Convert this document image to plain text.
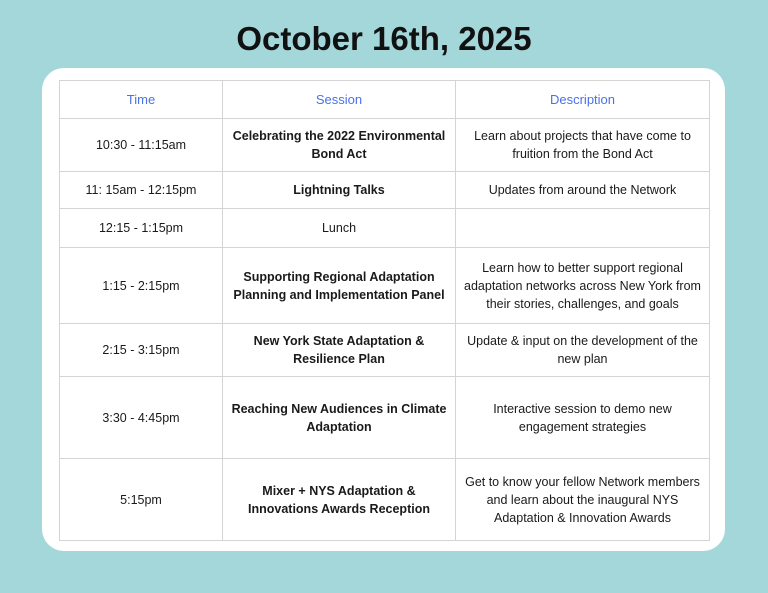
October 16th, 2025
Time	Session	Description
10:30 - 11:15am	Celebrating the 2022 Environmental Bond Act	Learn about projects that have come to fruition from the Bond Act
11: 15am - 12:15pm	Lightning Talks	Updates from around the Network
12:15 - 1:15pm	Lunch	
1:15 - 2:15pm	Supporting Regional Adaptation Planning and Implementation Panel	Learn how to better support regional adaptation networks across New York from their stories, challenges, and goals
2:15 - 3:15pm	New York State Adaptation & Resilience Plan	Update & input on the development of the new plan
3:30 - 4:45pm	Reaching New Audiences in Climate Adaptation	Interactive session to demo new engagement strategies
5:15pm	Mixer + NYS Adaptation & Innovations Awards Reception	Get to know your fellow Network members and learn about the inaugural NYS Adaptation & Innovation Awards
